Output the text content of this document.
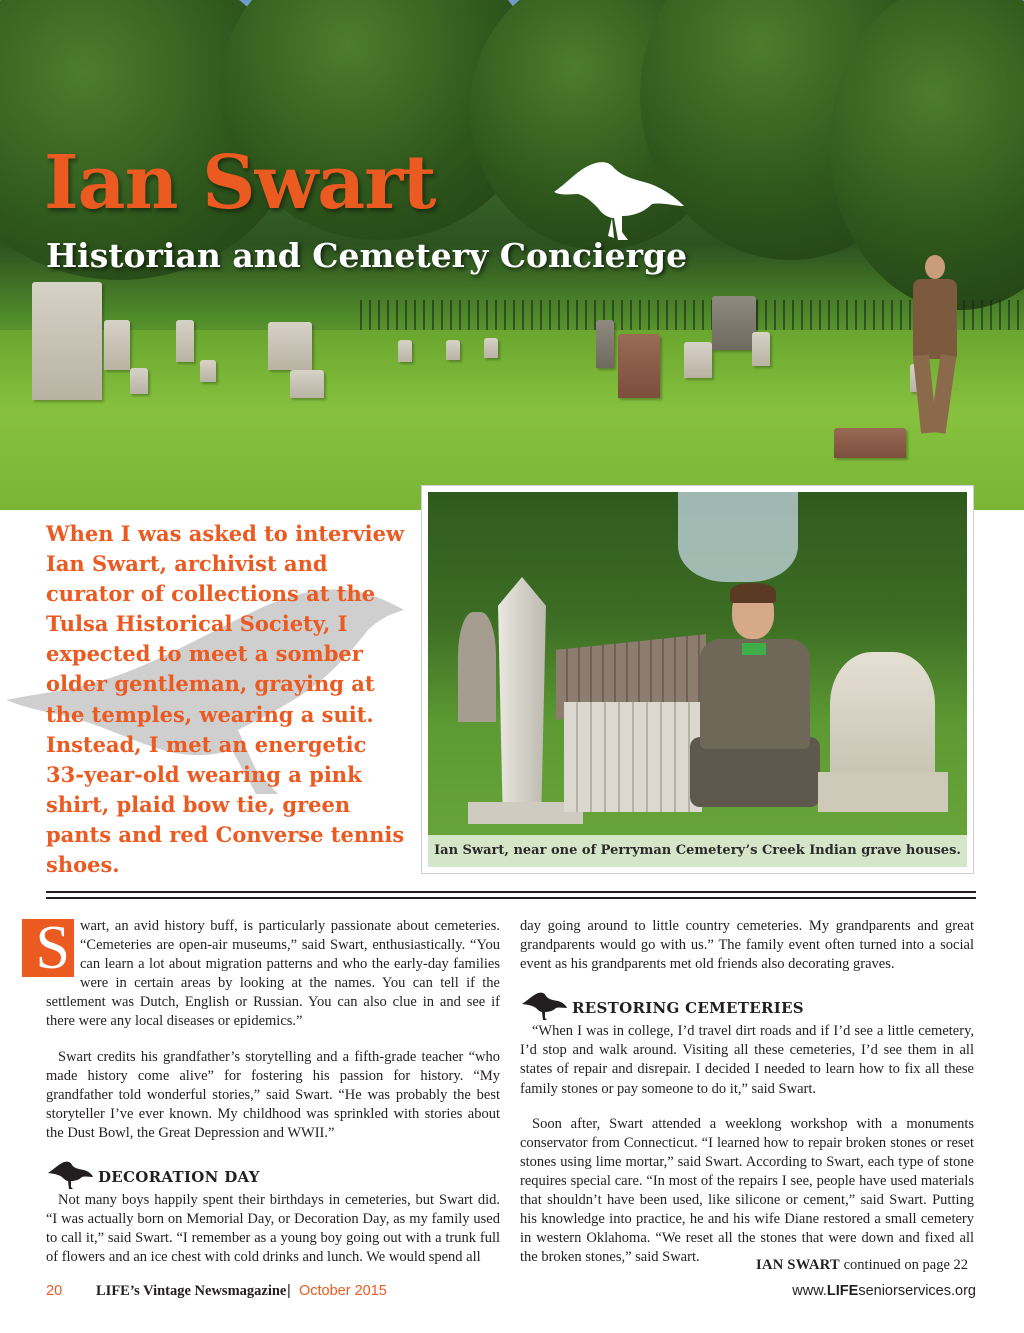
Ian Swart
Historian and Cemetery Concierge
When I was asked to interview Ian Swart, archivist and curator of collections at the Tulsa Historical Society, I expected to meet a somber older gentleman, graying at the temples, wearing a suit. Instead, I met an energetic 33-year-old wearing a pink shirt, plaid bow tie, green pants and red Converse tennis shoes.
Ian Swart, near one of Perryman Cemetery’s Creek Indian grave houses.

S wart, an avid history buff, is particularly passionate about cemeteries. “Cemeteries are open-air museums,” said Swart, enthusiastically. “You can learn a lot about migration patterns and who the early-day families were in certain areas by looking at the names. You can tell if the settlement was Dutch, English or Russian. You can also clue in and see if there were any local diseases or epidemics.”

Swart credits his grandfather’s storytelling and a fifth-grade teacher “who made history come alive” for fostering his passion for history. “My grandfather told wonderful stories,” said Swart. “He was probably the best storyteller I’ve ever known. My childhood was sprinkled with stories about the Dust Bowl, the Great Depression and WWII.”

DECORATION DAY

Not many boys happily spent their birthdays in cemeteries, but Swart did. “I was actually born on Memorial Day, or Decoration Day, as my family used to call it,” said Swart. “I remember as a young boy going out with a trunk full of flowers and an ice chest with cold drinks and lunch. We would spend all

day going around to little country cemeteries. My grandparents and great grandparents would go with us.” The family event often turned into a social event as his grandparents met old friends also decorating graves.

RESTORING CEMETERIES

“When I was in college, I’d travel dirt roads and if I’d see a little cemetery, I’d stop and walk around. Visiting all these cemeteries, I’d see them in all states of repair and disrepair. I decided I needed to learn how to fix all these family stones or pay someone to do it,” said Swart.

Soon after, Swart attended a weeklong workshop with a monuments conservator from Connecticut. “I learned how to repair broken stones or reset stones using lime mortar,” said Swart. According to Swart, each type of stone requires special care. “In most of the repairs I see, people have used materials that shouldn’t have been used, like silicone or cement,” said Swart. Putting his knowledge into practice, he and his wife Diane restored a small cemetery in western Oklahoma. “We reset all the stones that were down and fixed all the broken stones,” said Swart.	IAN SWART continued on page 22
20 LIFE’s Vintage Newsmagazine | October 2015	www.LIFEseniorservices.org
